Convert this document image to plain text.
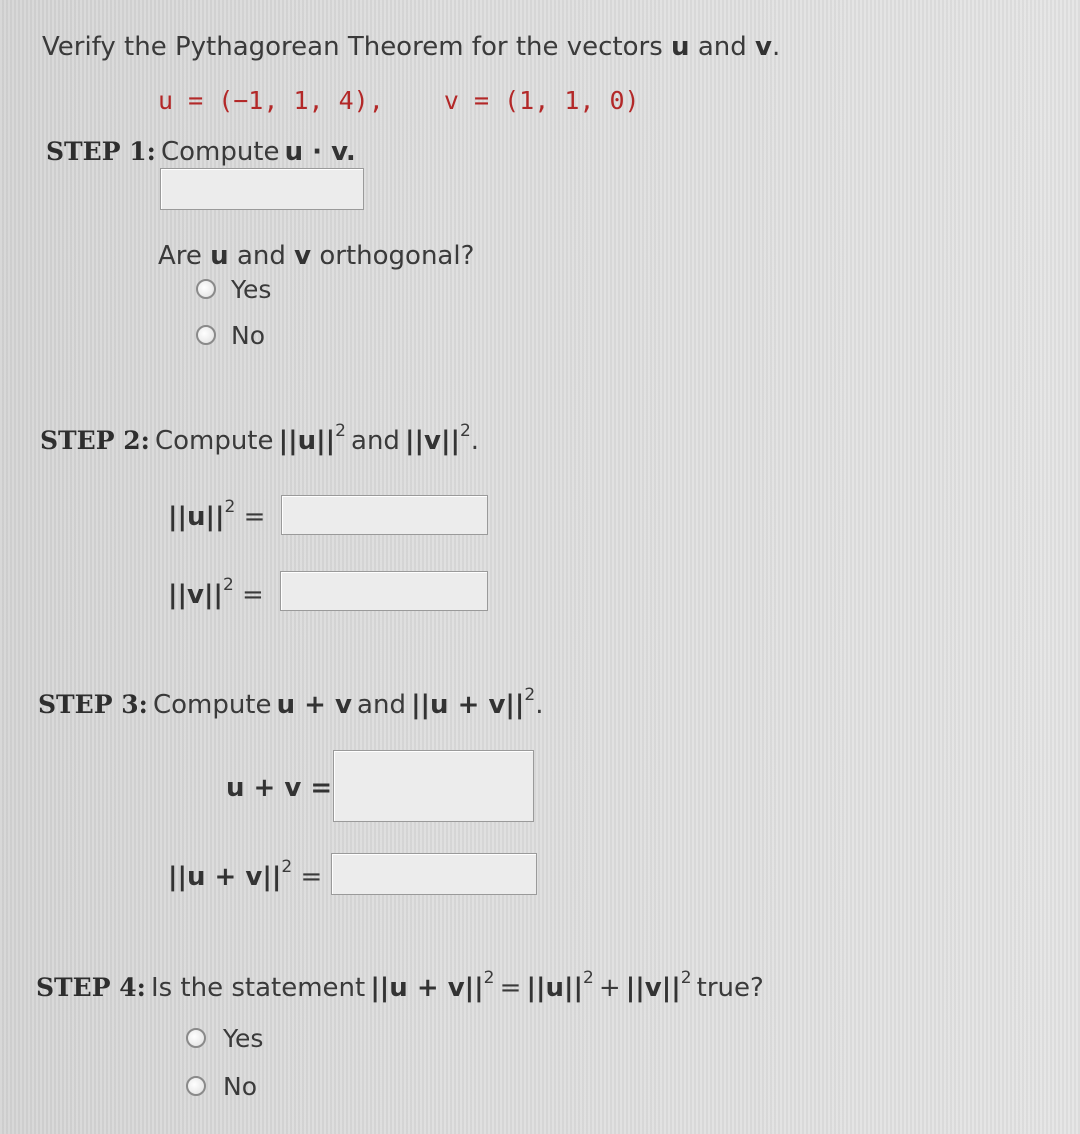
Verify the Pythagorean Theorem for the vectors u and v.
u = (−1, 1, 4), v = (1, 1, 0)
STEP 1: Compute u · v.
Are u and v orthogonal?
Yes
No
STEP 2: Compute ||u||2 and ||v||2.
$||u||^2$ =
$||v||^2$ =
STEP 3: Compute u + v and ||u + v||2.
u + v =
$||u + v||^2$ =
STEP 4: Is the statement ||u + v||2 = ||u||2 + ||v||2 true?
Yes
No
